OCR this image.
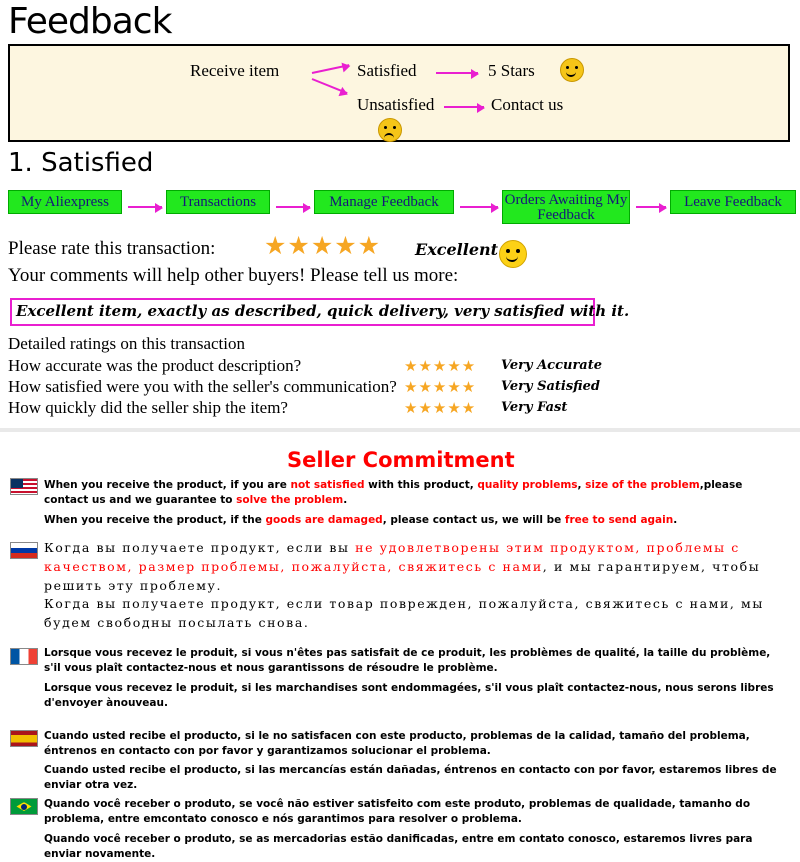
Feedback
Receive item	Satisfied	5 Stars
Unsatisfied	Contact us
1. Satisfied
My Aliexpress	Transactions	Manage Feedback	Orders Awaiting My Feedback
Leave Feedback
Please rate this transaction: ★★★★★ Excellent
Your comments will help other buyers! Please tell us more:
Excellent item, exactly as described, quick delivery, very satisfied with it.
Detailed ratings on this transaction
How accurate was the product description?	★★★★★ Very Accurate
How satisfied were you with the seller's communication? ★★★★★ Very Satisfied
How quickly did the seller ship the item?	★★★★★ Very Fast
Seller Commitment
When you receive the product, if you are not satisfied with this product, quality problems, size of the problem,please contact us and we guarantee to solve the problem.
When you receive the product, if the goods are damaged, please contact us, we will be free to send again.
Когда вы получаете продукт, если вы не удовлетворены этим продуктом, проблемы с качеством, размер проблемы, пожалуйста, свяжитесь с нами, и мы гарантируем, чтобы решить эту проблему.
Когда вы получаете продукт, если товар поврежден, пожалуйста, свяжитесь с нами, мы будем свободны посылать снова.
Lorsque vous recevez le produit, si vous n'êtes pas satisfait de ce produit, les problèmes de qualité, la taille du problème, s'il vous plaît contactez-nous et nous garantissons de résoudre le problème.
Lorsque vous recevez le produit, si les marchandises sont endommagées, s'il vous plaît contactez-nous, nous serons libres d'envoyer ànouveau.
Cuando usted recibe el producto, si le no satisfacen con este producto, problemas de la calidad, tamaño del problema, éntrenos en contacto con por favor y garantizamos solucionar el problema.
Cuando usted recibe el producto, si las mercancías están dañadas, éntrenos en contacto con por favor, estaremos libres de enviar otra vez.
Quando você receber o produto, se você não estiver satisfeito com este produto, problemas de qualidade, tamanho do problema, entre emcontato conosco e nós garantimos para resolver o problema.
Quando você receber o produto, se as mercadorias estão danificadas, entre em contato conosco, estaremos livres para enviar novamente.
